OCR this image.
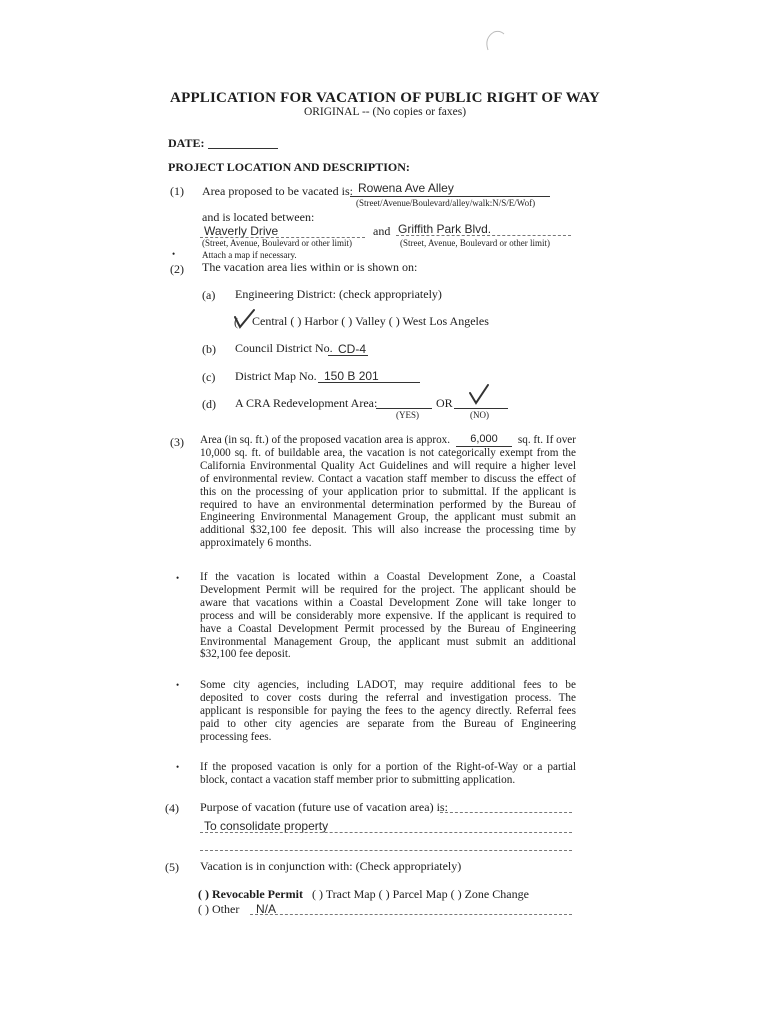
APPLICATION FOR VACATION OF PUBLIC RIGHT OF WAY
ORIGINAL -- (No copies or faxes)
DATE:
PROJECT LOCATION AND DESCRIPTION:
(1) Area proposed to be vacated is: Rowena Ave Alley
(Street/Avenue/Boulevard/alley/walk:N/S/E/Wof)
and is located between:
Waverly Drive	and Griffith Park Blvd.
(Street, Avenue, Boulevard or other limit)	(Street, Avenue, Boulevard or other limit)
•	Attach a map if necessary.
(2) The vacation area lies within or is shown on:
(a) Engineering District: (check appropriately)
( Central ( ) Harbor ( ) Valley ( ) West Los Angeles
(b) Council District No. CD-4
(c) District Map No. 150 B 201
(d) A CRA Redevelopment Area:	OR
(YES)	(NO)
(3) Area (in sq. ft.) of the proposed vacation area is approx.	6,000	sq. ft. If over
10,000 sq. ft. of buildable area, the vacation is not categorically exempt from the
California Environmental Quality Act Guidelines and will require a higher level
of environmental review. Contact a vacation staff member to discuss the effect of
this on the processing of your application prior to submittal. If the applicant is
required to have an environmental determination performed by the Bureau of
Engineering Environmental Management Group, the applicant must submit an
additional $32,100 fee deposit. This will also increase the processing time by
approximately 6 months.
• If the vacation is located within a Coastal Development Zone, a Coastal
Development Permit will be required for the project. The applicant should be
aware that vacations within a Coastal Development Zone will take longer to
process and will be considerably more expensive. If the applicant is required to
have a Coastal Development Permit processed by the Bureau of Engineering
Environmental Management Group, the applicant must submit an additional
$32,100 fee deposit.
• Some city agencies, including LADOT, may require additional fees to be
deposited to cover costs during the referral and investigation process. The
applicant is responsible for paying the fees to the agency directly. Referral fees
paid to other city agencies are separate from the Bureau of Engineering
processing fees.
• If the proposed vacation is only for a portion of the Right-of-Way or a partial
block, contact a vacation staff member prior to submitting application.
(4) Purpose of vacation (future use of vacation area) is:
To consolidate property
(5) Vacation is in conjunction with: (Check appropriately)
( ) Revocable Permit ( ) Tract Map ( ) Parcel Map ( ) Zone Change
( ) Other N/A
